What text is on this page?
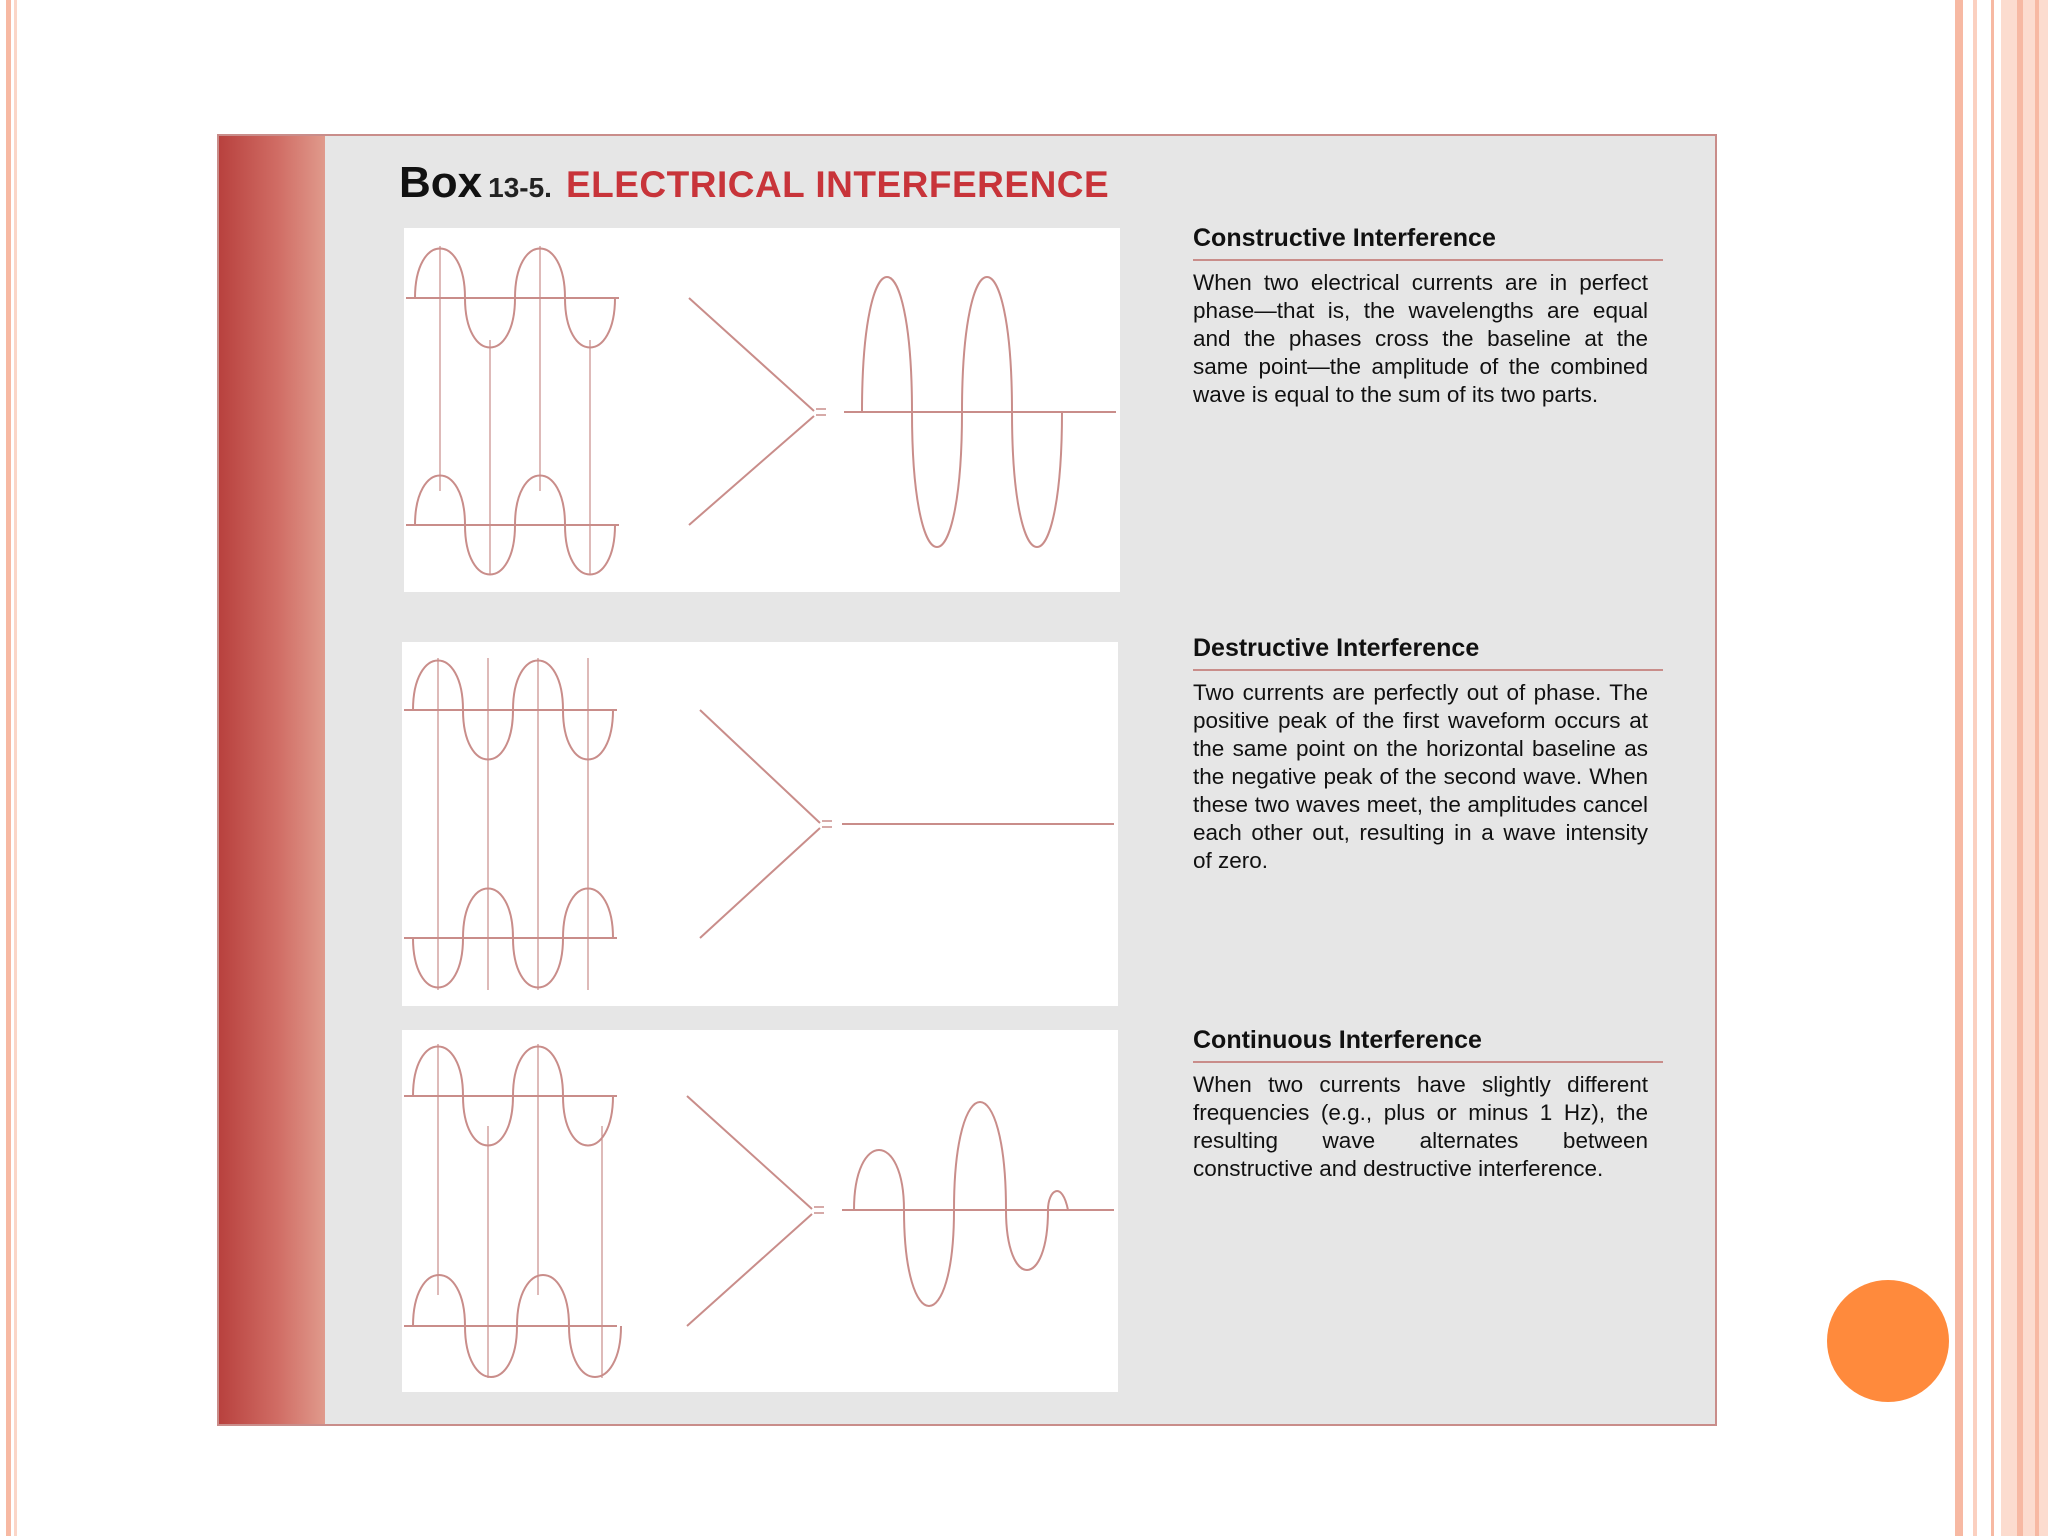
Box 13-5. ELECTRICAL INTERFERENCE
Constructive Interference
When two electrical currents are in perfect phase—that is, the wavelengths are equal and the phases cross the baseline at the same point—the amplitude of the combined wave is equal to the sum of its two parts.
Destructive Interference
Two currents are perfectly out of phase. The positive peak of the first waveform occurs at the same point on the horizontal baseline as the negative peak of the second wave. When these two waves meet, the amplitudes cancel each other out, resulting in a wave intensity of zero.
Continuous Interference
When two currents have slightly different frequencies (e.g., plus or minus 1 Hz), the resulting wave alternates between constructive and destructive interference.
